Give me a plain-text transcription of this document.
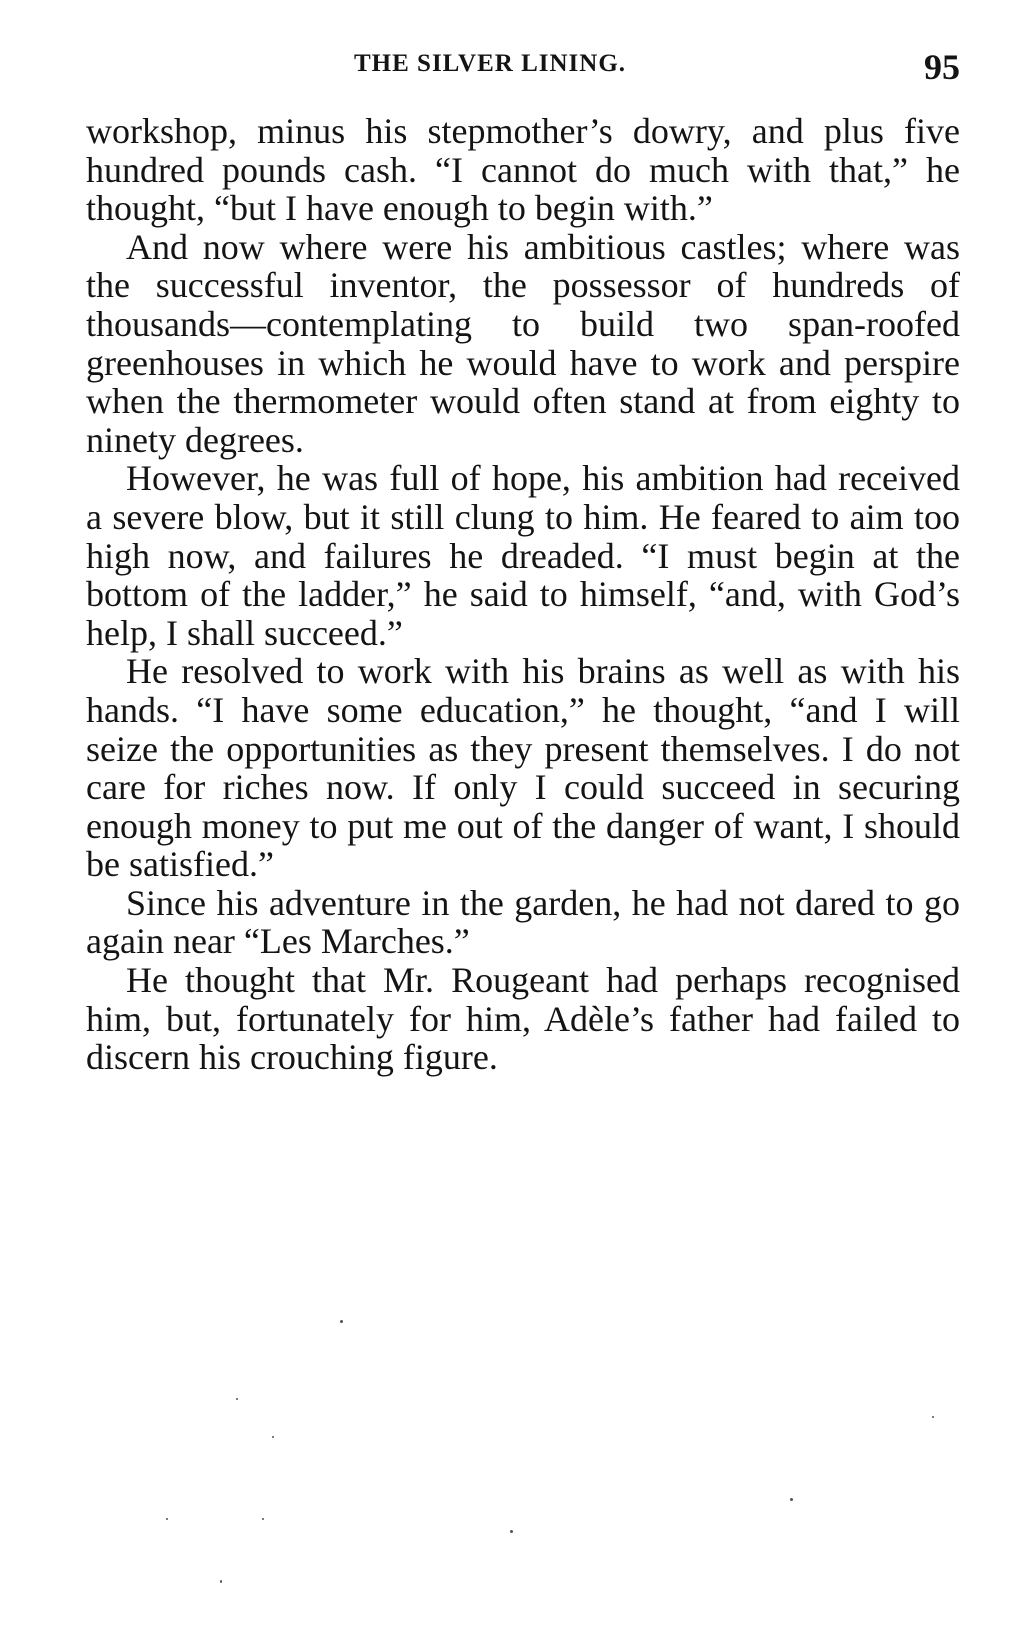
THE SILVER LINING.	95

workshop, minus his stepmother’s dowry, and plus five hundred pounds cash. “I cannot do much with that,” he thought, “but I have enough to begin with.”

And now where were his ambitious castles; where was the successful inventor, the possessor of hundreds of thousands—contemplating to build two span-roofed greenhouses in which he would have to work and perspire when the thermometer would often stand at from eighty to ninety degrees.

However, he was full of hope, his ambition had received a severe blow, but it still clung to him. He feared to aim too high now, and failures he dreaded. “I must begin at the bottom of the ladder,” he said to himself, “and, with God’s help, I shall succeed.”

He resolved to work with his brains as well as with his hands. “I have some education,” he thought, “and I will seize the opportunities as they present themselves. I do not care for riches now. If only I could succeed in securing enough money to put me out of the danger of want, I should be satisfied.”

Since his adventure in the garden, he had not dared to go again near “Les Marches.”

He thought that Mr. Rougeant had perhaps recognised him, but, fortunately for him, Adèle’s father had failed to discern his crouching figure.
